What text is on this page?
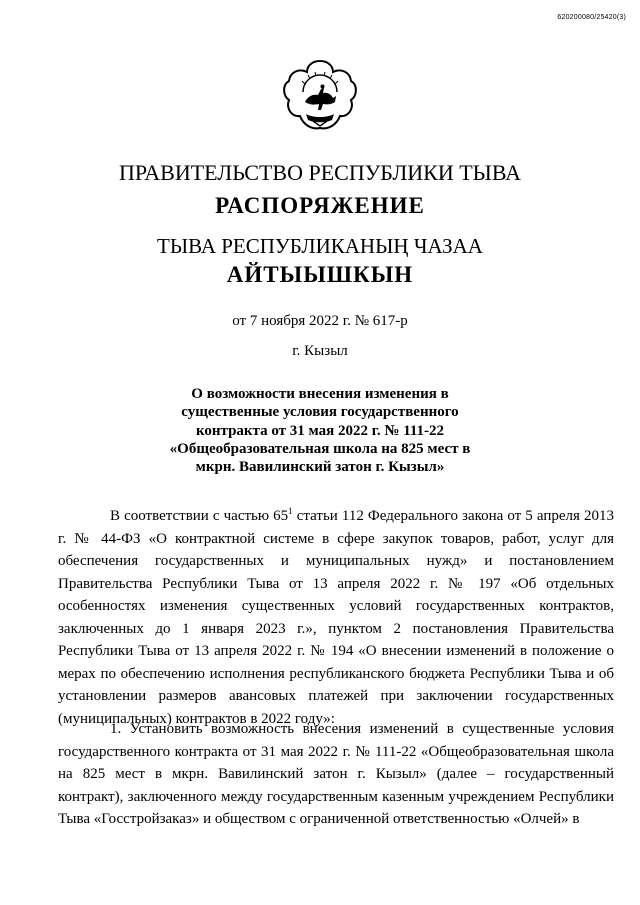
620200080/25420(3)
ПРАВИТЕЛЬСТВО РЕСПУБЛИКИ ТЫВА
РАСПОРЯЖЕНИЕ
ТЫВА РЕСПУБЛИКАНЫҢ ЧАЗАА
АЙТЫЫШКЫН
от 7 ноября 2022 г. № 617-р
г. Кызыл
О возможности внесения изменения в существенные условия государственного контракта от 31 мая 2022 г. № 111-22 «Общеобразовательная школа на 825 мест в мкрн. Вавилинский затон г. Кызыл»

В соответствии с частью $65^1$ статьи 112 Федерального закона от 5 апреля 2013 г. № 44-ФЗ «О контрактной системе в сфере закупок товаров, работ, услуг для обеспечения государственных и муниципальных нужд» и постановлением Правительства Республики Тыва от 13 апреля 2022 г. № 197 «Об отдельных особенностях изменения существенных условий государственных контрактов, заключенных до 1 января 2023 г.», пунктом 2 постановления Правительства Республики Тыва от 13 апреля 2022 г. № 194 «О внесении изменений в положение о мерах по обеспечению исполнения республиканского бюджета Республики Тыва и об установлении размеров авансовых платежей при заключении государственных (муниципальных) контрактов в 2022 году»:

1. Установить возможность внесения изменений в существенные условия государственного контракта от 31 мая 2022 г. № 111-22 «Общеобразовательная школа на 825 мест в мкрн. Вавилинский затон г. Кызыл» (далее – государственный контракт), заключенного между государственным казенным учреждением Республики Тыва «Госстройзаказ» и обществом с ограниченной ответственностью «Олчей» в
